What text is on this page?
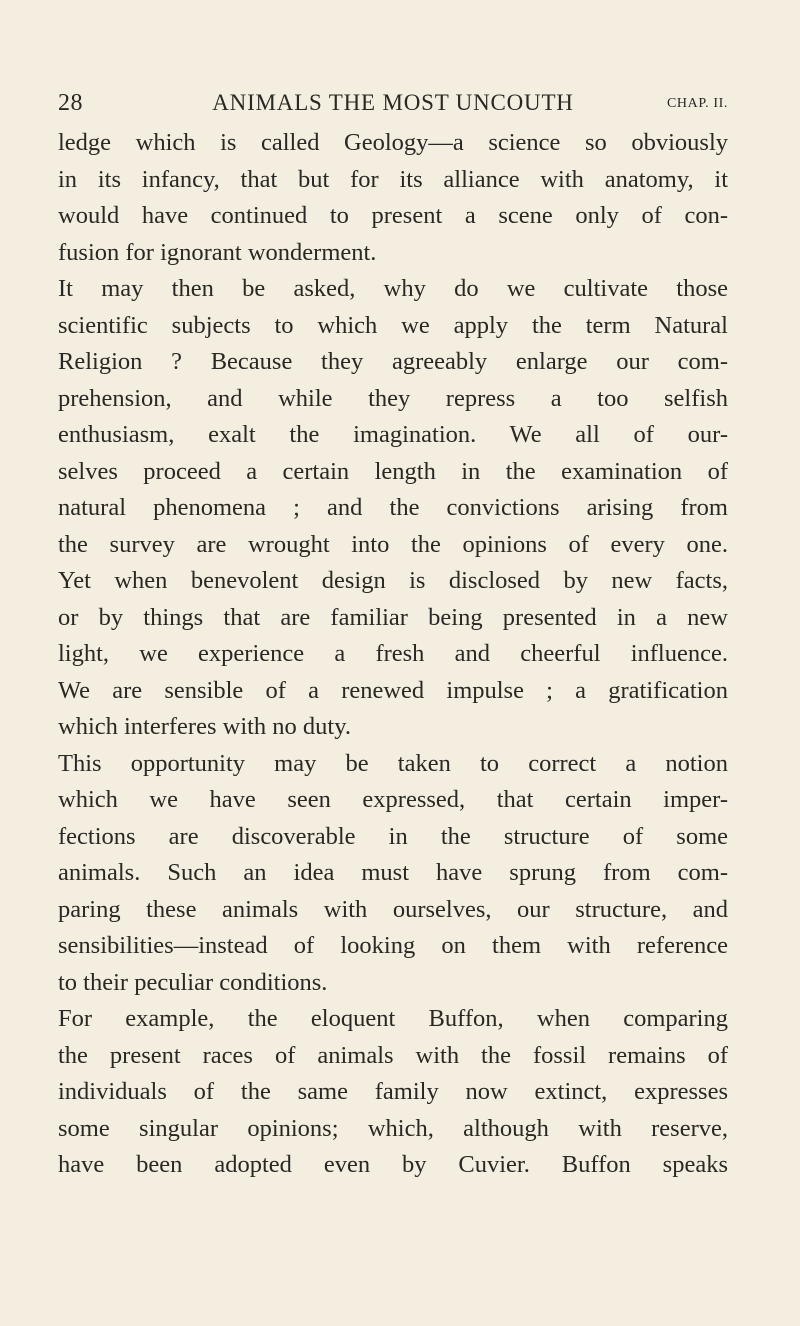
28	ANIMALS THE MOST UNCOUTH	CHAP. II.
ledge which is called Geology—a science so obviously
in its infancy, that but for its alliance with anatomy, it
would have continued to present a scene only of con-
fusion for ignorant wonderment.
It may then be asked, why do we cultivate those
scientific subjects to which we apply the term Natural
Religion ? Because they agreeably enlarge our com-
prehension, and while they repress a too selfish
enthusiasm, exalt the imagination. We all of our-
selves proceed a certain length in the examination of
natural phenomena ; and the convictions arising from
the survey are wrought into the opinions of every one.
Yet when benevolent design is disclosed by new facts,
or by things that are familiar being presented in a new
light, we experience a fresh and cheerful influence.
We are sensible of a renewed impulse ; a gratification
which interferes with no duty.
This opportunity may be taken to correct a notion
which we have seen expressed, that certain imper-
fections are discoverable in the structure of some
animals. Such an idea must have sprung from com-
paring these animals with ourselves, our structure, and
sensibilities—instead of looking on them with reference
to their peculiar conditions.
For example, the eloquent Buffon, when comparing
the present races of animals with the fossil remains of
individuals of the same family now extinct, expresses
some singular opinions; which, although with reserve,
have been adopted even by Cuvier. Buffon speaks
